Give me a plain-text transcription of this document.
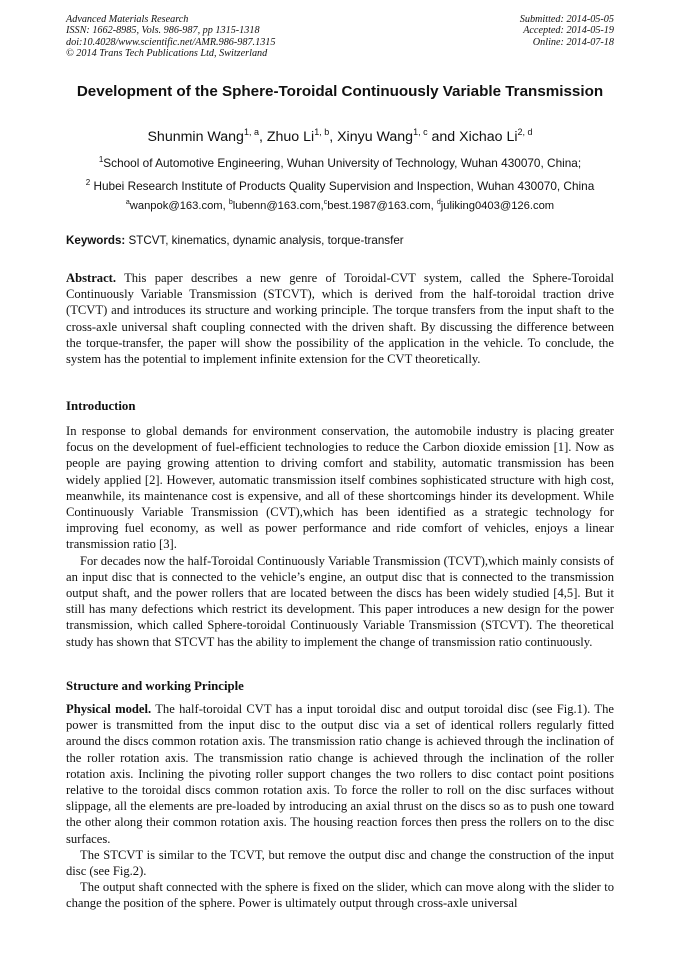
Advanced Materials Research
ISSN: 1662-8985, Vols. 986-987, pp 1315-1318
doi:10.4028/www.scientific.net/AMR.986-987.1315
© 2014 Trans Tech Publications Ltd, Switzerland
Submitted: 2014-05-05
Accepted: 2014-05-19
Online: 2014-07-18
Development of the Sphere-Toroidal Continuously Variable Transmission
Shunmin Wang$^{1, a}$, Zhuo Li$^{1, b}$, Xinyu Wang$^{1, c}$ and Xichao Li$^{2, d}$
$^1$School of Automotive Engineering, Wuhan University of Technology, Wuhan 430070, China;
$^2$ Hubei Research Institute of Products Quality Supervision and Inspection, Wuhan 430070, China
$^a$wanpok@163.com, $^b$lubenn@163.com,$^c$best.1987@163.com, $^d$juliking0403@126.com
Keywords: STCVT, kinematics, dynamic analysis, torque-transfer

Abstract. This paper describes a new genre of Toroidal-CVT system, called the Sphere-Toroidal Continuously Variable Transmission (STCVT), which is derived from the half-toroidal traction drive (TCVT) and introduces its structure and working principle. The torque transfers from the input shaft to the cross-axle universal shaft coupling connected with the driven shaft. By discussing the difference between the torque-transfer, the paper will show the possibility of the application in the vehicle. To conclude, the system has the potential to implement infinite extension for the CVT theoretically.

Introduction

In response to global demands for environment conservation, the automobile industry is placing greater focus on the development of fuel-efficient technologies to reduce the Carbon dioxide emission [1]. Now as people are paying growing attention to driving comfort and stability, automatic transmission has been widely applied [2]. However, automatic transmission itself combines sophisticated structure with high cost, meanwhile, its maintenance cost is expensive, and all of these shortcomings hinder its development. While Continuously Variable Transmission (CVT),which has been identified as a strategic technology for improving fuel economy, as well as power performance and ride comfort of vehicles, enjoys a linear transmission ratio [3].

For decades now the half-Toroidal Continuously Variable Transmission (TCVT),which mainly consists of an input disc that is connected to the vehicle’s engine, an output disc that is connected to the transmission output shaft, and the power rollers that are located between the discs has been widely studied [4,5]. But it still has many defections which restrict its development. This paper introduces a new design for the power transmission, which called Sphere-toroidal Continuously Variable Transmission (STCVT). The theoretical study has shown that STCVT has the ability to implement the change of transmission ratio continuously.

Structure and working Principle

Physical model. The half-toroidal CVT has a input toroidal disc and output toroidal disc (see Fig.1). The power is transmitted from the input disc to the output disc via a set of identical rollers regularly fitted around the discs common rotation axis. The transmission ratio change is achieved through the inclination of the roller rotation axis. The transmission ratio change is achieved through the inclination of the roller rotation axis. Inclining the pivoting roller support changes the two rollers to disc contact point positions relative to the toroidal discs common rotation axis. To force the roller to roll on the disc surfaces without slippage, all the elements are pre-loaded by introducing an axial thrust on the discs so as to push one toward the other along their common rotation axis. The housing reaction forces then press the rollers on to the disc surfaces.

The STCVT is similar to the TCVT, but remove the output disc and change the construction of the input disc (see Fig.2).

The output shaft connected with the sphere is fixed on the slider, which can move along with the slider to change the position of the sphere. Power is ultimately output through cross-axle universal
